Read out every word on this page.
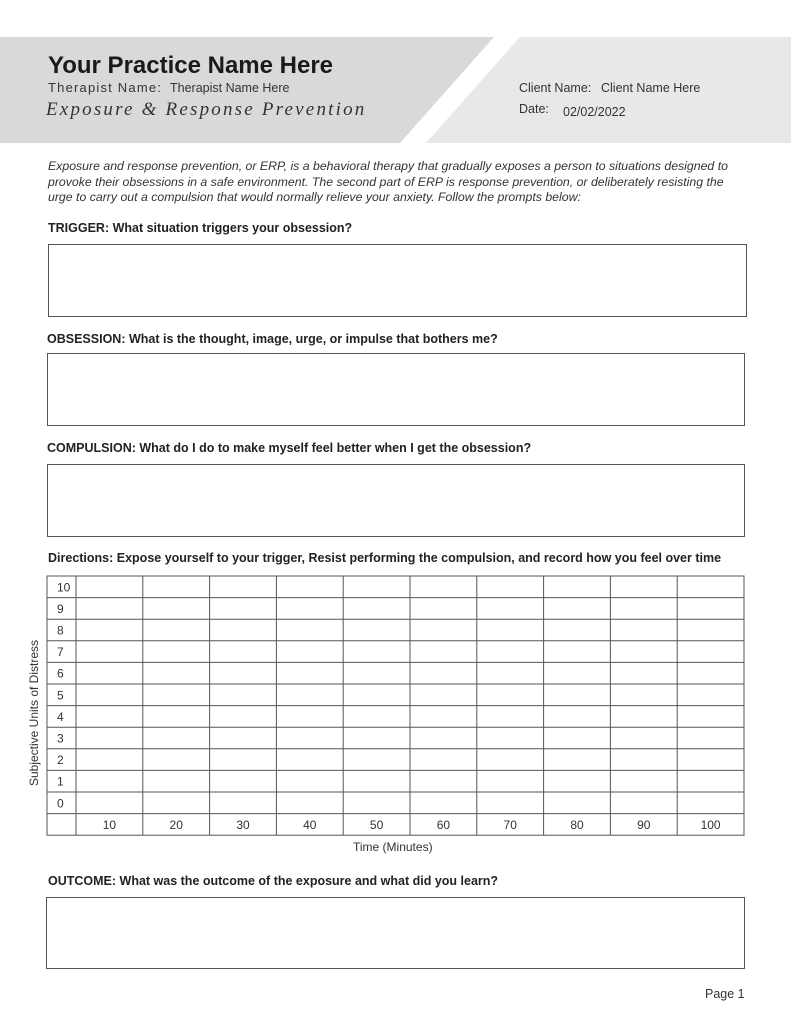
Your Practice Name Here
Therapist Name: Therapist Name Here
Exposure & Response Prevention
Client Name: Client Name Here
Date: 02/02/2022
Exposure and response prevention, or ERP, is a behavioral therapy that gradually exposes a person to situations designed to provoke their obsessions in a safe environment. The second part of ERP is response prevention, or deliberately resisting the urge to carry out a compulsion that would normally relieve your anxiety. Follow the prompts below:
TRIGGER: What situation triggers your obsession?
OBSESSION: What is the thought, image, urge, or impulse that bothers me?
COMPULSION: What do I do to make myself feel better when I get the obsession?
Directions: Expose yourself to your trigger, Resist performing the compulsion, and record how you feel over time
10
9
8
7
6
5
4
3
2
1
0
10	20	30	40	50	60	70	80	90	100
Subjective Units of Distress
Time (Minutes)
OUTCOME: What was the outcome of the exposure and what did you learn?
Page 1
